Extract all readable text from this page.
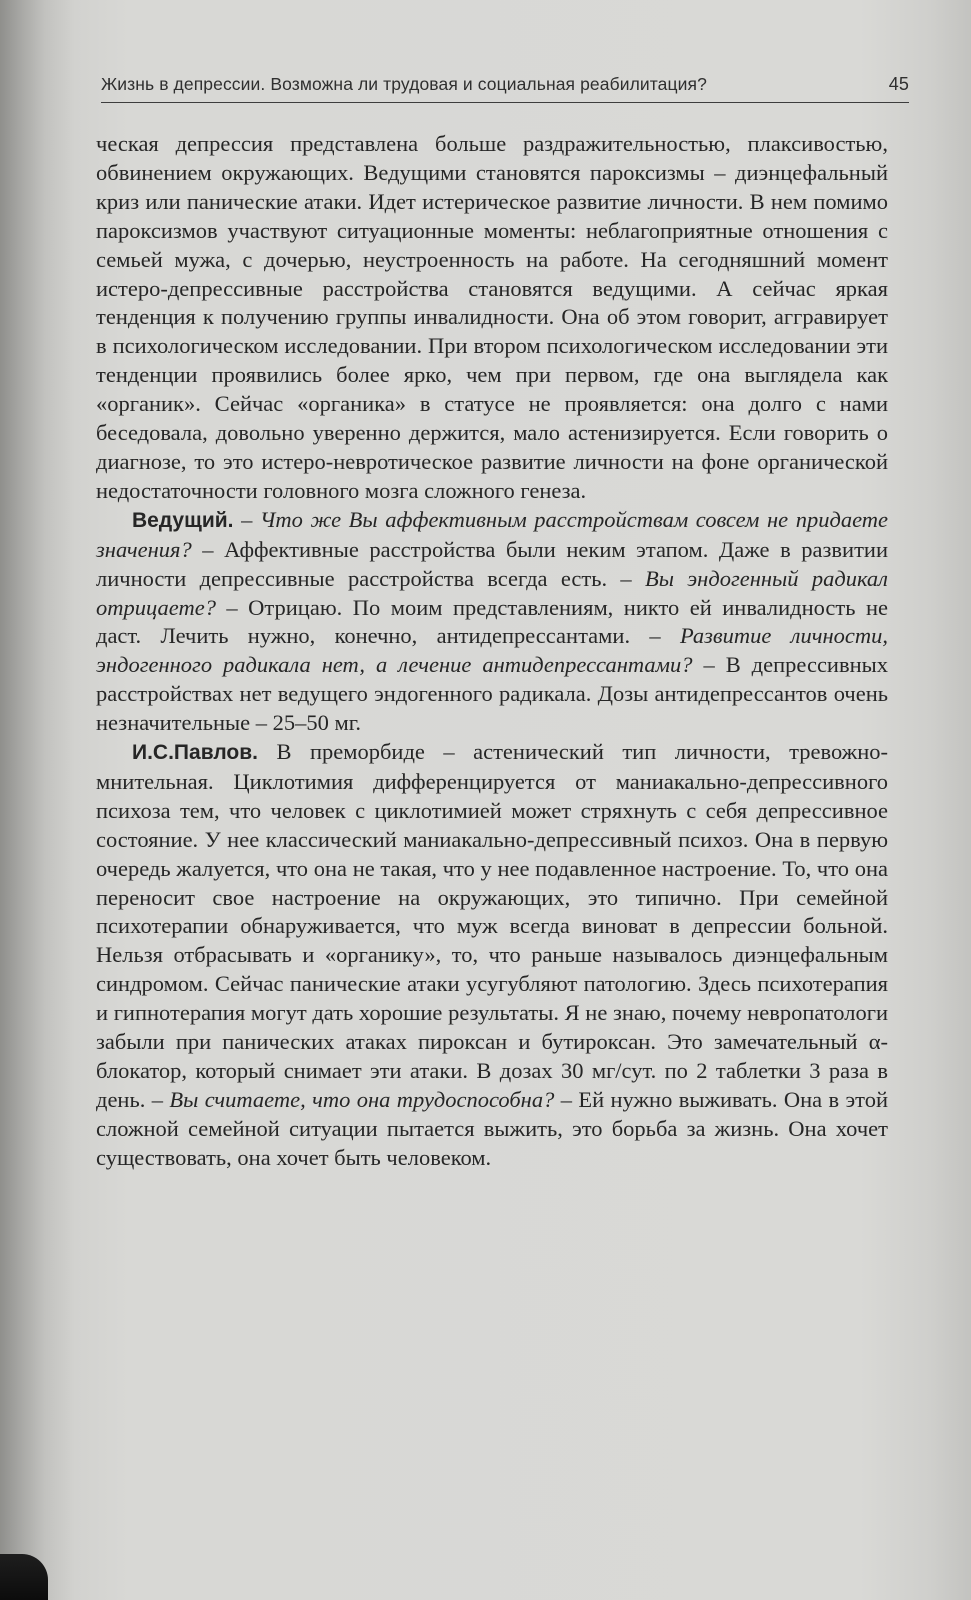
Жизнь в депрессии. Возможна ли трудовая и социальная реабилитация?	45

ческая депрессия представлена больше раздражительностью, плаксивостью, обвинением окружающих. Ведущими становятся пароксизмы – диэнцефальный криз или панические атаки. Идет истерическое развитие личности. В нем помимо пароксизмов участвуют ситуационные моменты: неблагоприятные отношения с семьей мужа, с дочерью, неустроенность на работе. На сегодняшний момент истеро-депрессивные расстройства становятся ведущими. А сейчас яркая тенденция к получению группы инвалидности. Она об этом говорит, аггравирует в психологическом исследовании. При втором психологическом исследовании эти тенденции проявились более ярко, чем при первом, где она выглядела как «органик». Сейчас «органика» в статусе не проявляется: она долго с нами беседовала, довольно уверенно держится, мало астенизируется. Если говорить о диагнозе, то это истеро-невротическое развитие личности на фоне органической недостаточности головного мозга сложного генеза.

Ведущий. – Что же Вы аффективным расстройствам совсем не придаете значения? – Аффективные расстройства были неким этапом. Даже в развитии личности депрессивные расстройства всегда есть. – Вы эндогенный радикал отрицаете? – Отрицаю. По моим представлениям, никто ей инвалидность не даст. Лечить нужно, конечно, антидепрессантами. – Развитие личности, эндогенного радикала нет, а лечение антидепрессантами? – В депрессивных расстройствах нет ведущего эндогенного радикала. Дозы антидепрессантов очень незначительные – 25–50 мг.

И.С.Павлов. В преморбиде – астенический тип личности, тревожно-мнительная. Циклотимия дифференцируется от маниакально-депрессивного психоза тем, что человек с циклотимией может стряхнуть с себя депрессивное состояние. У нее классический маниакально-депрессивный психоз. Она в первую очередь жалуется, что она не такая, что у нее подавленное настроение. То, что она переносит свое настроение на окружающих, это типично. При семейной психотерапии обнаруживается, что муж всегда виноват в депрессии больной. Нельзя отбрасывать и «органику», то, что раньше называлось диэнцефальным синдромом. Сейчас панические атаки усугубляют патологию. Здесь психотерапия и гипнотерапия могут дать хорошие результаты. Я не знаю, почему невропатологи забыли при панических атаках пироксан и бутироксан. Это замечательный α-блокатор, который снимает эти атаки. В дозах 30 мг/сут. по 2 таблетки 3 раза в день. – Вы считаете, что она трудоспособна? – Ей нужно выживать. Она в этой сложной семейной ситуации пытается выжить, это борьба за жизнь. Она хочет существовать, она хочет быть человеком.
